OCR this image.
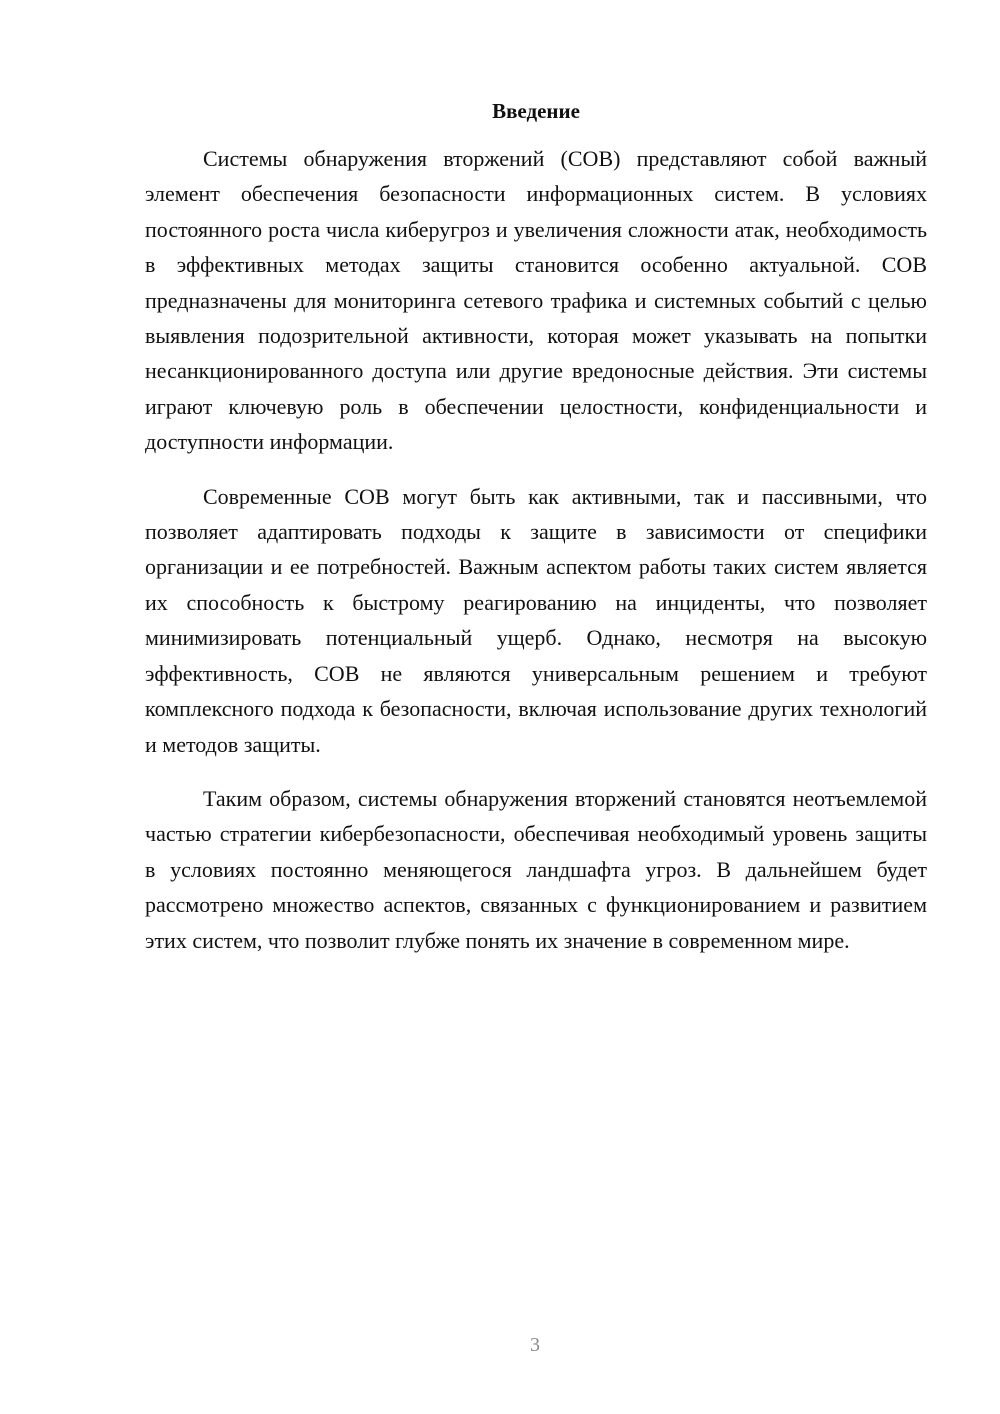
Введение

Системы обнаружения вторжений (СОВ) представляют собой важный элемент обеспечения безопасности информационных систем. В условиях постоянного роста числа киберугроз и увеличения сложности атак, необходимость в эффективных методах защиты становится особенно актуальной. СОВ предназначены для мониторинга сетевого трафика и системных событий с целью выявления подозрительной активности, которая может указывать на попытки несанкционированного доступа или другие вредоносные действия. Эти системы играют ключевую роль в обеспечении целостности, конфиденциальности и доступности информации.

Современные СОВ могут быть как активными, так и пассивными, что позволяет адаптировать подходы к защите в зависимости от специфики организации и ее потребностей. Важным аспектом работы таких систем является их способность к быстрому реагированию на инциденты, что позволяет минимизировать потенциальный ущерб. Однако, несмотря на высокую эффективность, СОВ не являются универсальным решением и требуют комплексного подхода к безопасности, включая использование других технологий и методов защиты.

Таким образом, системы обнаружения вторжений становятся неотъемлемой частью стратегии кибербезопасности, обеспечивая необходимый уровень защиты в условиях постоянно меняющегося ландшафта угроз. В дальнейшем будет рассмотрено множество аспектов, связанных с функционированием и развитием этих систем, что позволит глубже понять их значение в современном мире.

3
